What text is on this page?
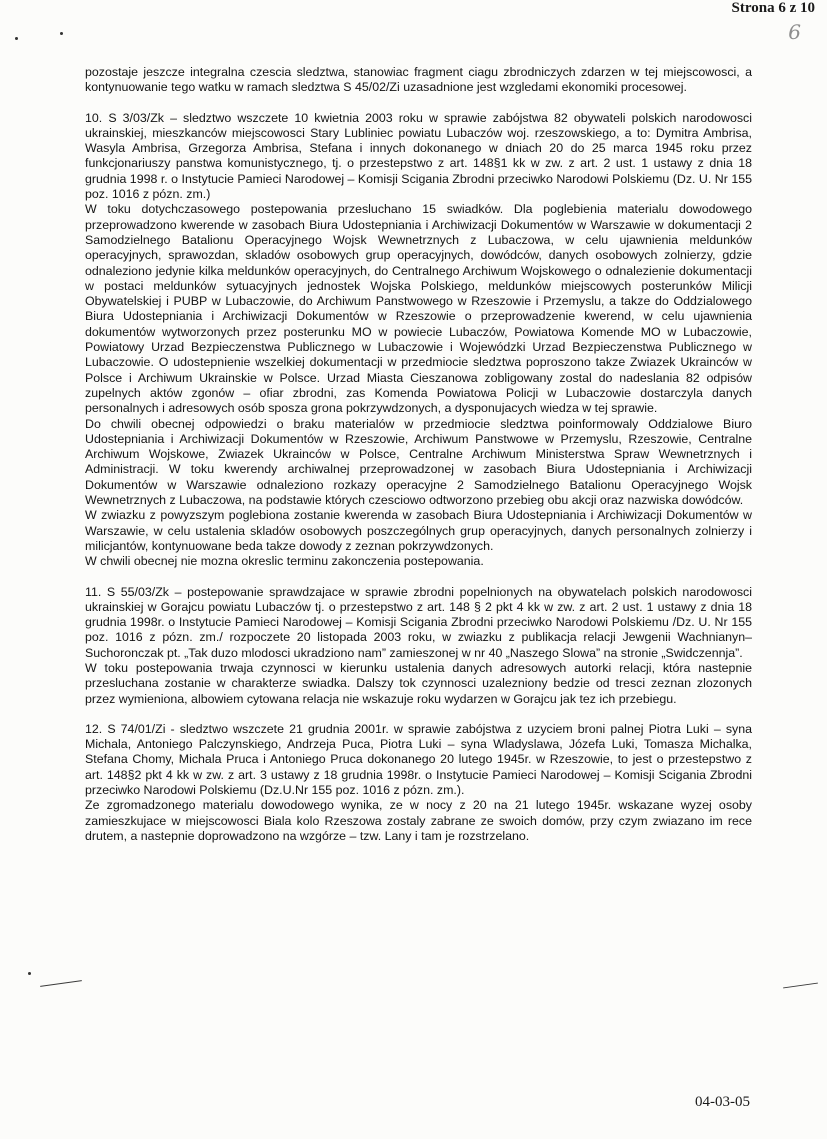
Strona 6 z 10
6

pozostaje jeszcze integralna czescia sledztwa, stanowiac fragment ciagu zbrodniczych zdarzen w tej miejscowosci, a kontynuowanie tego watku w ramach sledztwa S 45/02/Zi uzasadnione jest wzgledami ekonomiki procesowej.

10. S 3/03/Zk – sledztwo wszczete 10 kwietnia 2003 roku w sprawie zabójstwa 82 obywateli polskich narodowosci ukrainskiej, mieszkanców miejscowosci Stary Lubliniec powiatu Lubaczów woj. rzeszowskiego, a to: Dymitra Ambrisa, Wasyla Ambrisa, Grzegorza Ambrisa, Stefana i innych dokonanego w dniach 20 do 25 marca 1945 roku przez funkcjonariuszy panstwa komunistycznego, tj. o przestepstwo z art. 148§1 kk w zw. z art. 2 ust. 1 ustawy z dnia 18 grudnia 1998 r. o Instytucie Pamieci Narodowej – Komisji Scigania Zbrodni przeciwko Narodowi Polskiemu (Dz. U. Nr 155 poz. 1016 z pózn. zm.)

W toku dotychczasowego postepowania przesluchano 15 swiadków. Dla poglebienia materialu dowodowego przeprowadzono kwerende w zasobach Biura Udostepniania i Archiwizacji Dokumentów w Warszawie w dokumentacji 2 Samodzielnego Batalionu Operacyjnego Wojsk Wewnetrznych z Lubaczowa, w celu ujawnienia meldunków operacyjnych, sprawozdan, skladów osobowych grup operacyjnych, dowódców, danych osobowych zolnierzy, gdzie odnaleziono jedynie kilka meldunków operacyjnych, do Centralnego Archiwum Wojskowego o odnalezienie dokumentacji w postaci meldunków sytuacyjnych jednostek Wojska Polskiego, meldunków miejscowych posterunków Milicji Obywatelskiej i PUBP w Lubaczowie, do Archiwum Panstwowego w Rzeszowie i Przemyslu, a takze do Oddzialowego Biura Udostepniania i Archiwizacji Dokumentów w Rzeszowie o przeprowadzenie kwerend, w celu ujawnienia dokumentów wytworzonych przez posterunku MO w powiecie Lubaczów, Powiatowa Komende MO w Lubaczowie, Powiatowy Urzad Bezpieczenstwa Publicznego w Lubaczowie i Wojewódzki Urzad Bezpieczenstwa Publicznego w Lubaczowie. O udostepnienie wszelkiej dokumentacji w przedmiocie sledztwa poproszono takze Zwiazek Ukrainców w Polsce i Archiwum Ukrainskie w Polsce. Urzad Miasta Cieszanowa zobligowany zostal do nadeslania 82 odpisów zupelnych aktów zgonów – ofiar zbrodni, zas Komenda Powiatowa Policji w Lubaczowie dostarczyla danych personalnych i adresowych osób sposza grona pokrzywdzonych, a dysponujacych wiedza w tej sprawie.

Do chwili obecnej odpowiedzi o braku materialów w przedmiocie sledztwa poinformowaly Oddzialowe Biuro Udostepniania i Archiwizacji Dokumentów w Rzeszowie, Archiwum Panstwowe w Przemyslu, Rzeszowie, Centralne Archiwum Wojskowe, Zwiazek Ukrainców w Polsce, Centralne Archiwum Ministerstwa Spraw Wewnetrznych i Administracji. W toku kwerendy archiwalnej przeprowadzonej w zasobach Biura Udostepniania i Archiwizacji Dokumentów w Warszawie odnaleziono rozkazy operacyjne 2 Samodzielnego Batalionu Operacyjnego Wojsk Wewnetrznych z Lubaczowa, na podstawie których czesciowo odtworzono przebieg obu akcji oraz nazwiska dowódców.

W zwiazku z powyzszym poglebiona zostanie kwerenda w zasobach Biura Udostepniania i Archiwizacji Dokumentów w Warszawie, w celu ustalenia skladów osobowych poszczególnych grup operacyjnych, danych personalnych zolnierzy i milicjantów, kontynuowane beda takze dowody z zeznan pokrzywdzonych.

W chwili obecnej nie mozna okreslic terminu zakonczenia postepowania.

11. S 55/03/Zk – postepowanie sprawdzajace w sprawie zbrodni popelnionych na obywatelach polskich narodowosci ukrainskiej w Gorajcu powiatu Lubaczów tj. o przestepstwo z art. 148 § 2 pkt 4 kk w zw. z art. 2 ust. 1 ustawy z dnia 18 grudnia 1998r. o Instytucie Pamieci Narodowej – Komisji Scigania Zbrodni przeciwko Narodowi Polskiemu /Dz. U. Nr 155 poz. 1016 z pózn. zm./ rozpoczete 20 listopada 2003 roku, w zwiazku z publikacja relacji Jewgenii Wachnianyn–Suchoronczak pt. „Tak duzo mlodosci ukradziono nam” zamieszonej w nr 40 „Naszego Slowa” na stronie „Swidczennja”.

W toku postepowania trwaja czynnosci w kierunku ustalenia danych adresowych autorki relacji, która nastepnie przesluchana zostanie w charakterze swiadka. Dalszy tok czynnosci uzalezniony bedzie od tresci zeznan zlozonych przez wymieniona, albowiem cytowana relacja nie wskazuje roku wydarzen w Gorajcu jak tez ich przebiegu.

12. S 74/01/Zi - sledztwo wszczete 21 grudnia 2001r. w sprawie zabójstwa z uzyciem broni palnej Piotra Luki – syna Michala, Antoniego Palczynskiego, Andrzeja Puca, Piotra Luki – syna Wladyslawa, Józefa Luki, Tomasza Michalka, Stefana Chomy, Michala Pruca i Antoniego Pruca dokonanego 20 lutego 1945r. w Rzeszowie, to jest o przestepstwo z art. 148§2 pkt 4 kk w zw. z art. 3 ustawy z 18 grudnia 1998r. o Instytucie Pamieci Narodowej – Komisji Scigania Zbrodni przeciwko Narodowi Polskiemu (Dz.U.Nr 155 poz. 1016 z pózn. zm.).

Ze zgromadzonego materialu dowodowego wynika, ze w nocy z 20 na 21 lutego 1945r. wskazane wyzej osoby zamieszkujace w miejscowosci Biala kolo Rzeszowa zostaly zabrane ze swoich domów, przy czym zwiazano im rece drutem, a nastepnie doprowadzono na wzgórze – tzw. Lany i tam je rozstrzelano.

04-03-05
